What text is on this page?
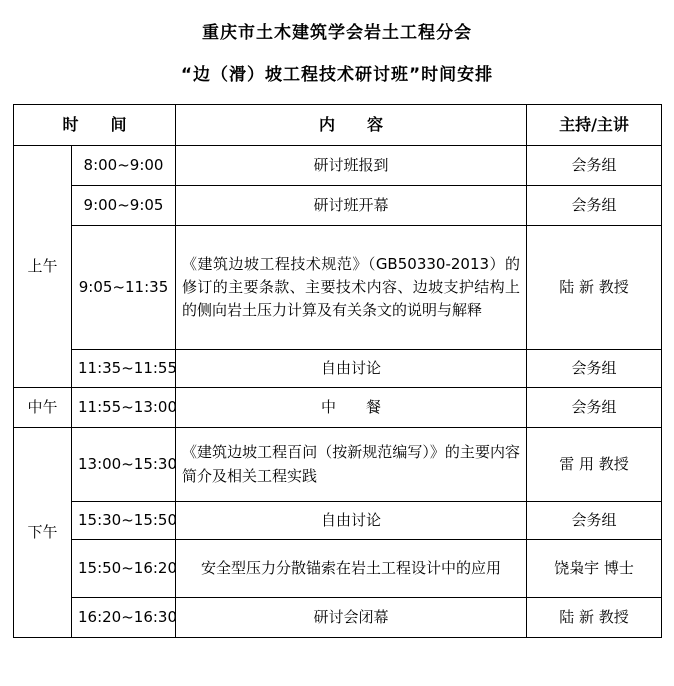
重庆市土木建筑学会岩土工程分会
“边（滑）坡工程技术研讨班”时间安排
时　　间		内　　容	主持/主讲
上午	8:00~9:00	研讨班报到	会务组
	9:00~9:05	研讨班开幕	会务组
	9:05~11:35	《建筑边坡工程技术规范》（GB50330-2013）的修订的主要条款、主要技术内容、边坡支护结构上的侧向岩土压力计算及有关条文的说明与解释	陆 新 教授
	11:35~11:55	自由讨论	会务组
中午	11:55~13:00	中　　餐	会务组
下午	13:00~15:30	《建筑边坡工程百问（按新规范编写）》的主要内容简介及相关工程实践	雷 用 教授
	15:30~15:50	自由讨论	会务组
	15:50~16:20	安全型压力分散锚索在岩土工程设计中的应用	饶枭宇 博士
	16:20~16:30	研讨会闭幕	陆 新 教授
